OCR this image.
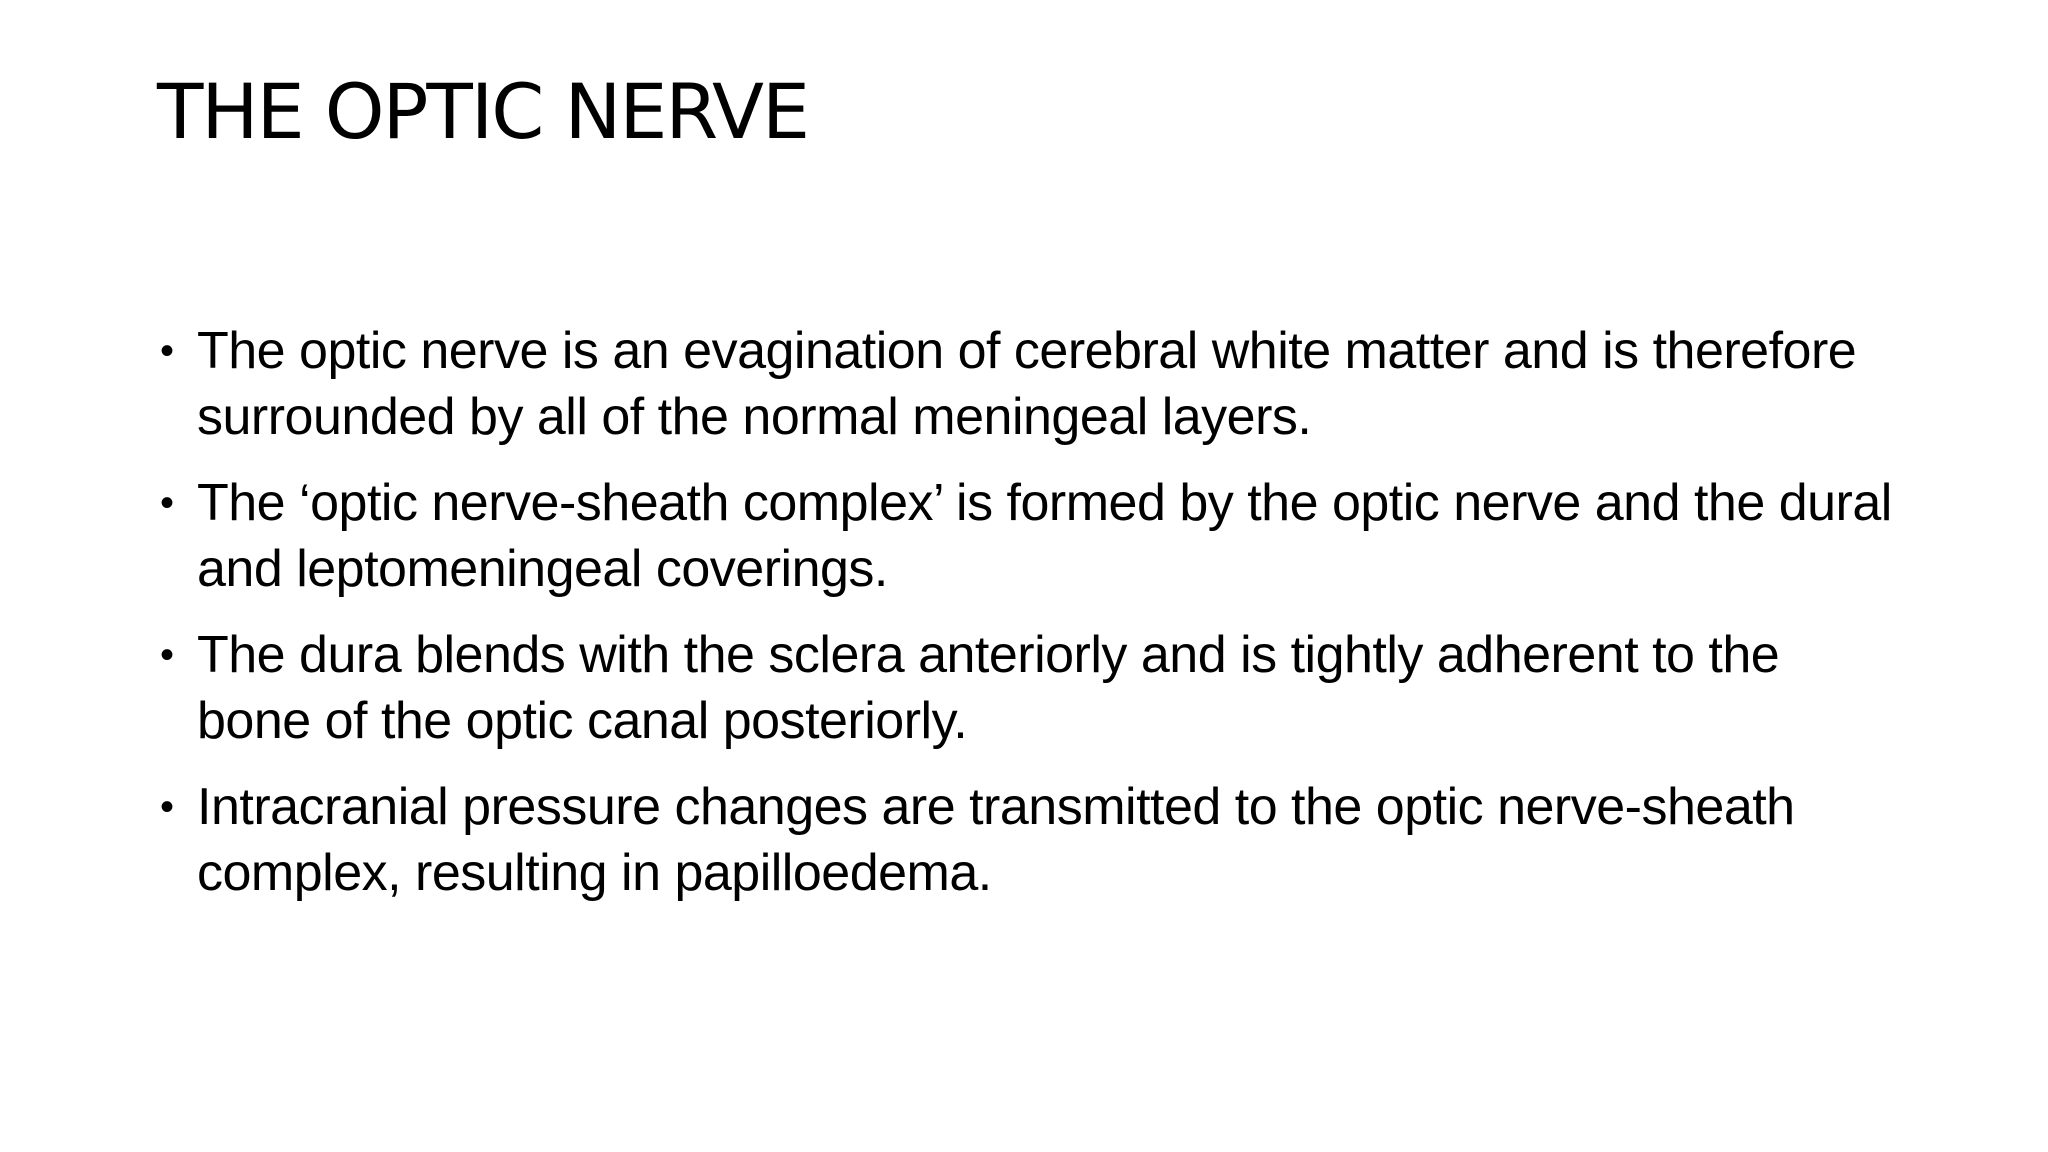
THE OPTIC NERVE
• The optic nerve is an evagination of cerebral white matter and is therefore surrounded by all of the normal meningeal layers.
• The ‘optic nerve-sheath complex’ is formed by the optic nerve and the dural and leptomeningeal coverings.
• The dura blends with the sclera anteriorly and is tightly adherent to the bone of the optic canal posteriorly.
• Intracranial pressure changes are transmitted to the optic nerve-sheath complex, resulting in papilloedema.
